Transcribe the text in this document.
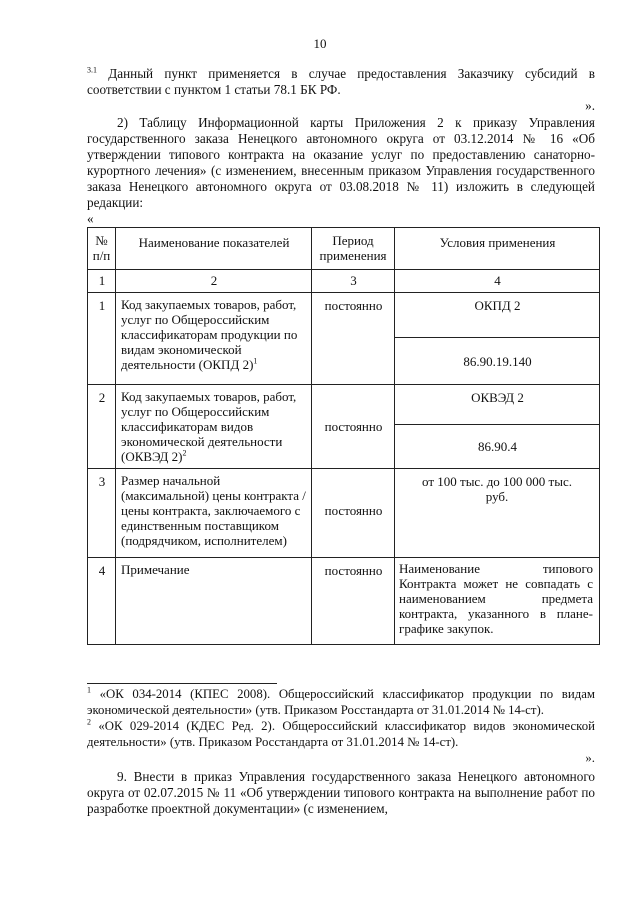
10
$^{3.1}$ Данный пункт применяется в случае предоставления Заказчику субсидий в соответствии с пунктом 1 статьи 78.1 БК РФ.
».
2) Таблицу Информационной карты Приложения 2 к приказу Управления государственного заказа Ненецкого автономного округа от 03.12.2014 № 16 «Об утверждении типового контракта на оказание услуг по предоставлению санаторно-курортного лечения» (с изменением, внесенным приказом Управления государственного заказа Ненецкого автономного округа от 03.08.2018 № 11) изложить в следующей редакции:
«
№ п/п	Наименование показателей	Период применения	Условия применения

1	2	3	4

1	Код закупаемых товаров, работ, услуг по Общероссийским классификаторам продукции по видам экономической деятельности (ОКПД 2)$^1$	постоянно	ОКПД 2

			86.90.19.140

2	Код закупаемых товаров, работ, услуг по Общероссийским классификаторам видов экономической деятельности (ОКВЭД 2)$^2$	постоянно	ОКВЭД 2

			86.90.4

3	Размер начальной (максимальной) цены контракта /цены контракта, заключаемого с единственным поставщиком (подрядчиком, исполнителем)	постоянно	от 100 тыс. до 100 000 тыс. руб.

4	Примечание	постоянно	Наименование типового Контракта может не совпадать с наименованием предмета контракта, указанного в плане-графике закупок.
$^1$ «ОК 034-2014 (КПЕС 2008). Общероссийский классификатор продукции по видам экономической деятельности» (утв. Приказом Росстандарта от 31.01.2014 № 14-ст).
$^2$ «ОК 029-2014 (КДЕС Ред. 2). Общероссийский классификатор видов экономической деятельности» (утв. Приказом Росстандарта от 31.01.2014 № 14-ст).
».
9. Внести в приказ Управления государственного заказа Ненецкого автономного округа от 02.07.2015 № 11 «Об утверждении типового контракта на выполнение работ по разработке проектной документации» (с изменением,
